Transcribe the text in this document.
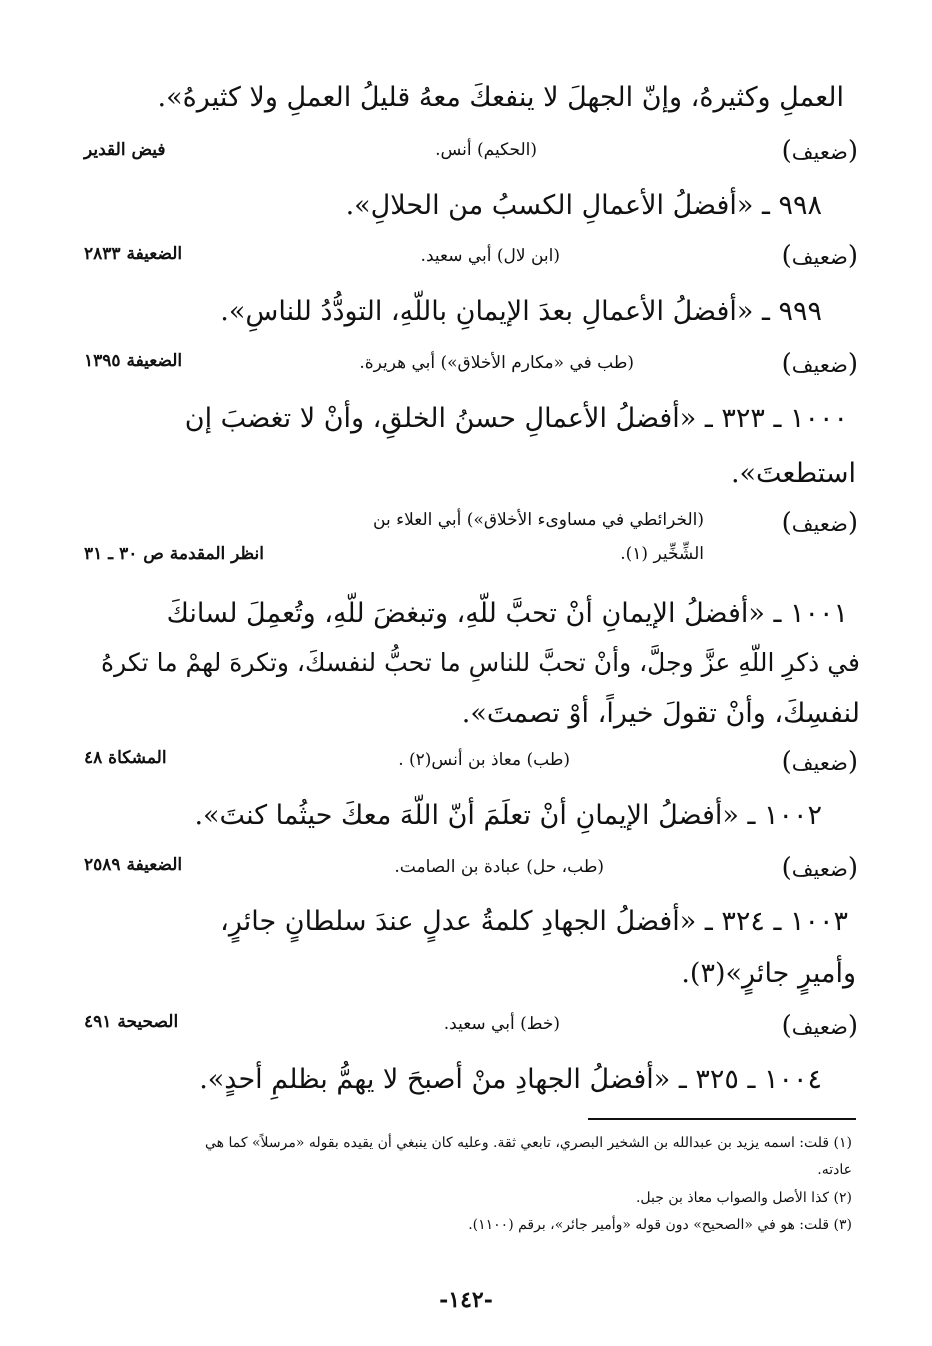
العملِ وكثيرهُ، وإنّ الجهلَ لا ينفعكَ معهُ قليلُ العملِ ولا كثيرهُ».
(ضعيف)
(الحكيم) أنس.
فيض القدير
٩٩٨ ـ «أفضلُ الأعمالِ الكسبُ من الحلالِ».
(ضعيف)
(ابن لال) أبي سعيد.
الضعيفة ٢٨٣٣
٩٩٩ ـ «أفضلُ الأعمالِ بعدَ الإيمانِ باللّهِ، التودُّدُ للناسِ».
(ضعيف)
(طب في «مكارم الأخلاق») أبي هريرة.
الضعيفة ١٣٩٥
١٠٠٠ ـ ٣٢٣ ـ «أفضلُ الأعمالِ حسنُ الخلقِ، وأنْ لا تغضبَ إن
استطعتَ».
(ضعيف)
(الخرائطي في مساوىء الأخلاق») أبي العلاء بن
الشِّخِّير (١).
انظر المقدمة ص ٣٠ ـ ٣١
١٠٠١ ـ «أفضلُ الإيمانِ أنْ تحبَّ للّهِ، وتبغضَ للّهِ، وتُعمِلَ لسانكَ
في ذكرِ اللّهِ عزَّ وجلَّ، وأنْ تحبَّ للناسِ ما تحبُّ لنفسكَ، وتكرهَ لهمْ ما تكرهُ
لنفسِكَ، وأنْ تقولَ خيراً، أوْ تصمتَ».
(ضعيف)
(طب) معاذ بن أنس(٢) .
المشكاة ٤٨
١٠٠٢ ـ «أفضلُ الإيمانِ أنْ تعلَمَ أنّ اللّهَ معكَ حيثُما كنتَ».
(ضعيف)
(طب، حل) عبادة بن الصامت.
الضعيفة ٢٥٨٩
١٠٠٣ ـ ٣٢٤ ـ «أفضلُ الجهادِ كلمةُ عدلٍ عندَ سلطانٍ جائرٍ،
وأميرٍ جائرٍ»(٣).
(ضعيف)
(خط) أبي سعيد.
الصحيحة ٤٩١
١٠٠٤ ـ ٣٢٥ ـ «أفضلُ الجهادِ منْ أصبحَ لا يهمُّ بظلمِ أحدٍ».
(١) قلت: اسمه يزيد بن عبدالله بن الشخير البصري، تابعي ثقة. وعليه كان ينبغي أن يقيده بقوله «مرسلاً» كما هي
عادته.
(٢) كذا الأصل والصواب معاذ بن جبل.
(٣) قلت: هو في «الصحيح» دون قوله «وأمير جائر»، برقم (١١٠٠).
-١٤٢-
